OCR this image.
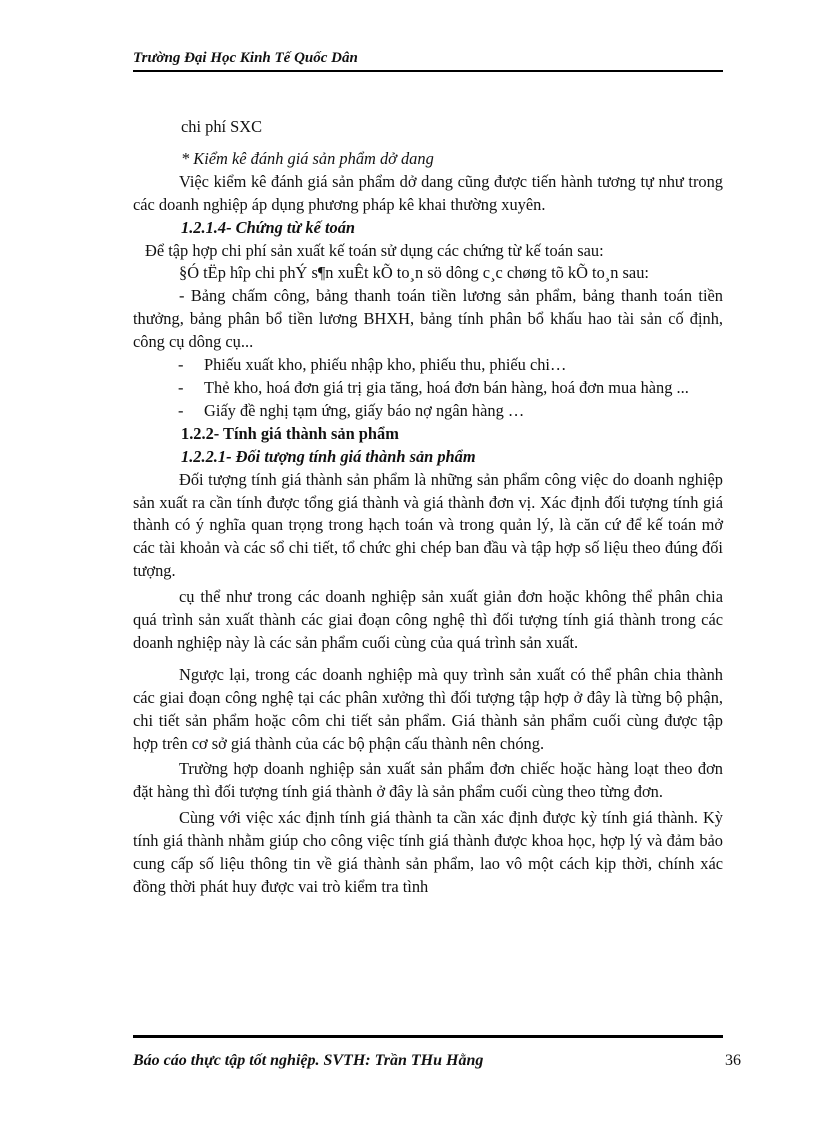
Trường Đại Học Kinh Tế Quốc Dân

chi phí SXC

* Kiểm kê đánh giá sản phẩm dở dang

Việc kiểm kê đánh giá sản phẩm dở dang cũng được tiến hành tương tự như trong các doanh nghiệp áp dụng phương pháp kê khai thường xuyên.

1.2.1.4- Chứng từ kế toán

Để tập hợp chi phí sản xuất kế toán sử dụng các chứng từ kế toán sau:

§Ó tËp hîp chi phÝ s¶n xuÊt kÕ to¸n sö dông c¸c chøng tõ kÕ to¸n sau:

- Bảng chấm công, bảng thanh toán tiền lương sản phẩm, bảng thanh toán tiền thưởng, bảng phân bổ tiền lương BHXH, bảng tính phân bổ khấu hao tài sản cố định, công cụ dông cụ...

-	Phiếu xuất kho, phiếu nhập kho, phiếu thu, phiếu chi…
-	Thẻ kho, hoá đơn giá trị gia tăng, hoá đơn bán hàng, hoá đơn mua hàng ...
-	Giấy đề nghị tạm ứng, giấy báo nợ ngân hàng …

1.2.2- Tính giá thành sản phẩm

1.2.2.1- Đối tượng tính giá thành sản phẩm

Đối tượng tính giá thành sản phẩm là những sản phẩm công việc do doanh nghiệp sản xuất ra cần tính được tổng giá thành và giá thành đơn vị. Xác định đối tượng tính giá thành có ý nghĩa quan trọng trong hạch toán và trong quản lý, là căn cứ để kế toán mở các tài khoản và các sổ chi tiết, tổ chức ghi chép ban đầu và tập hợp số liệu theo đúng đối tượng.

cụ thể như trong các doanh nghiệp sản xuất giản đơn hoặc không thể phân chia quá trình sản xuất thành các giai đoạn công nghệ thì đối tượng tính giá thành trong các doanh nghiệp này là các sản phẩm cuối cùng của quá trình sản xuất.

Ngược lại, trong các doanh nghiệp mà quy trình sản xuất có thể phân chia thành các giai đoạn công nghệ tại các phân xưởng thì đối tượng tập hợp ở đây là từng bộ phận, chi tiết sản phẩm hoặc côm chi tiết sản phẩm. Giá thành sản phẩm cuối cùng được tập hợp trên cơ sở giá thành của các bộ phận cấu thành nên chóng.

Trường hợp doanh nghiệp sản xuất sản phẩm đơn chiếc hoặc hàng loạt theo đơn đặt hàng thì đối tượng tính giá thành ở đây là sản phẩm cuối cùng theo từng đơn.

Cùng với việc xác định tính giá thành ta cần xác định được kỳ tính giá thành. Kỳ tính giá thành nhằm giúp cho công việc tính giá thành được khoa học, hợp lý và đảm bảo cung cấp số liệu thông tin về giá thành sản phẩm, lao vô một cách kịp thời, chính xác đồng thời phát huy được vai trò kiểm tra tình

Báo cáo thực tập tốt nghiệp. SVTH: Trần THu Hằng	36
